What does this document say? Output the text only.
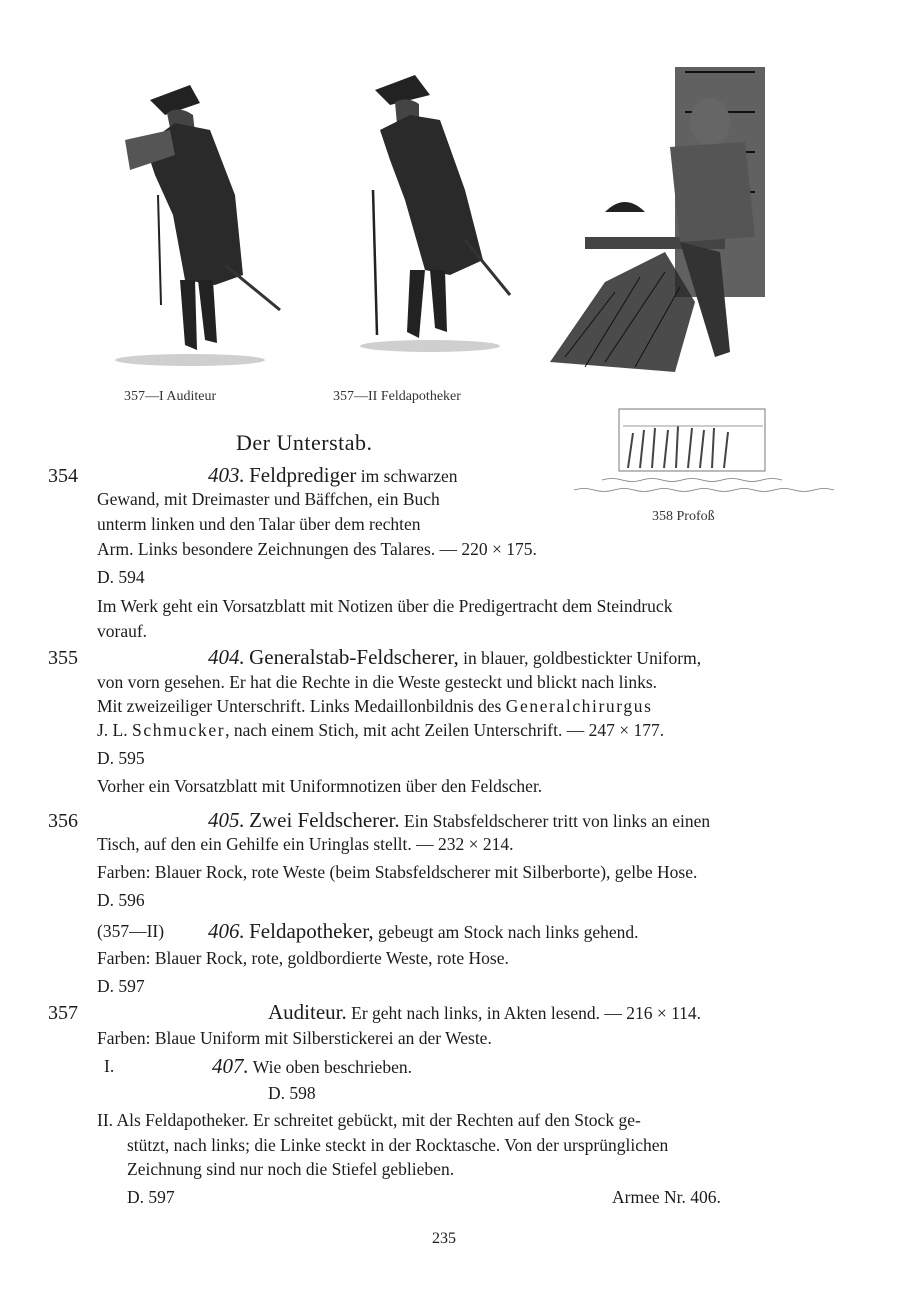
357—I Auditeur	357—II Feldapotheker
358 Profoß
Der Unterstab.
354	403. Feldprediger im schwarzen
Gewand, mit Dreimaster und Bäffchen, ein Buch
unterm linken und den Talar über dem rechten
Arm. Links besondere Zeichnungen des Talares. — 220 × 175.
D. 594
Im Werk geht ein Vorsatzblatt mit Notizen über die Predigertracht dem Steindruck
vorauf.
355	404. Generalstab-Feldscherer, in blauer, goldbestickter Uniform,
von vorn gesehen. Er hat die Rechte in die Weste gesteckt und blickt nach links.
Mit zweizeiliger Unterschrift. Links Medaillonbildnis des Generalchirurgus
J. L. Schmucker, nach einem Stich, mit acht Zeilen Unterschrift. — 247 × 177.
D. 595
Vorher ein Vorsatzblatt mit Uniformnotizen über den Feldscher.
356	405. Zwei Feldscherer. Ein Stabsfeldscherer tritt von links an einen
Tisch, auf den ein Gehilfe ein Uringlas stellt. — 232 × 214.
Farben: Blauer Rock, rote Weste (beim Stabsfeldscherer mit Silberborte), gelbe Hose.
D. 596
(357—II) 406. Feldapotheker, gebeugt am Stock nach links gehend.
Farben: Blauer Rock, rote, goldbordierte Weste, rote Hose.
D. 597
357	Auditeur. Er geht nach links, in Akten lesend. — 216 × 114.
Farben: Blaue Uniform mit Silberstickerei an der Weste.
I.	407. Wie oben beschrieben.
D. 598
II. Als Feldapotheker. Er schreitet gebückt, mit der Rechten auf den Stock ge-
stützt, nach links; die Linke steckt in der Rocktasche. Von der ursprünglichen
Zeichnung sind nur noch die Stiefel geblieben.
D. 597	Armee Nr. 406.
235
